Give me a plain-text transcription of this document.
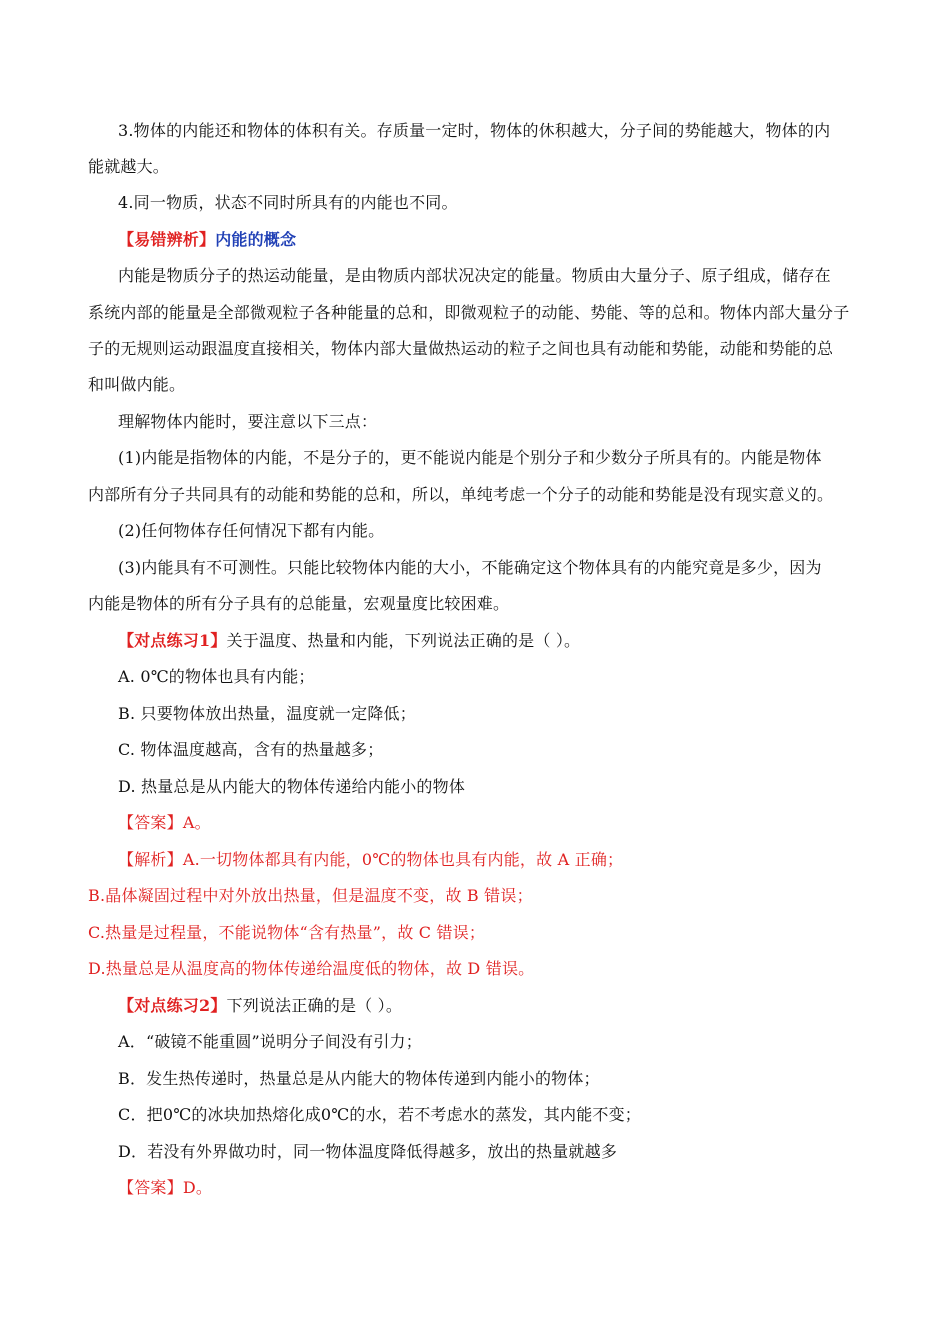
3.物体的内能还和物体的体积有关。存质量一定时，物体的休积越大，分子间的势能越大，物体的内
能就越大。
4.同一物质，状态不同时所具有的内能也不同。
【易错辨析】内能的概念
内能是物质分子的热运动能量，是由物质内部状况决定的能量。物质由大量分子、原子组成，储存在
系统内部的能量是全部微观粒子各种能量的总和，即微观粒子的动能、势能、等的总和。物体内部大量分子
子的无规则运动跟温度直接相关，物体内部大量做热运动的粒子之间也具有动能和势能，动能和势能的总
和叫做内能。
理解物体内能时，要注意以下三点：
(1)内能是指物体的内能，不是分子的，更不能说内能是个别分子和少数分子所具有的。内能是物体
内部所有分子共同具有的动能和势能的总和，所以，单纯考虑一个分子的动能和势能是没有现实意义的。
(2)任何物体存任何情况下都有内能。
(3)内能具有不可测性。只能比较物体内能的大小，不能确定这个物体具有的内能究竟是多少，因为
内能是物体的所有分子具有的总能量，宏观量度比较困难。
【对点练习1】关于温度、热量和内能，下列说法正确的是（ ）。
A. 0℃的物体也具有内能；
B. 只要物体放出热量，温度就一定降低；
C. 物体温度越高，含有的热量越多；
D. 热量总是从内能大的物体传递给内能小的物体
【答案】A。
【解析】A.一切物体都具有内能，0℃的物体也具有内能，故 A 正确；
B.晶体凝固过程中对外放出热量，但是温度不变，故 B 错误；
C.热量是过程量，不能说物体“含有热量”，故 C 错误；
D.热量总是从温度高的物体传递给温度低的物体，故 D 错误。
【对点练习2】下列说法正确的是（ ）。
A．“破镜不能重圆”说明分子间没有引力；
B．发生热传递时，热量总是从内能大的物体传递到内能小的物体；
C．把0℃的冰块加热熔化成0℃的水，若不考虑水的蒸发，其内能不变；
D．若没有外界做功时，同一物体温度降低得越多，放出的热量就越多
【答案】D。
